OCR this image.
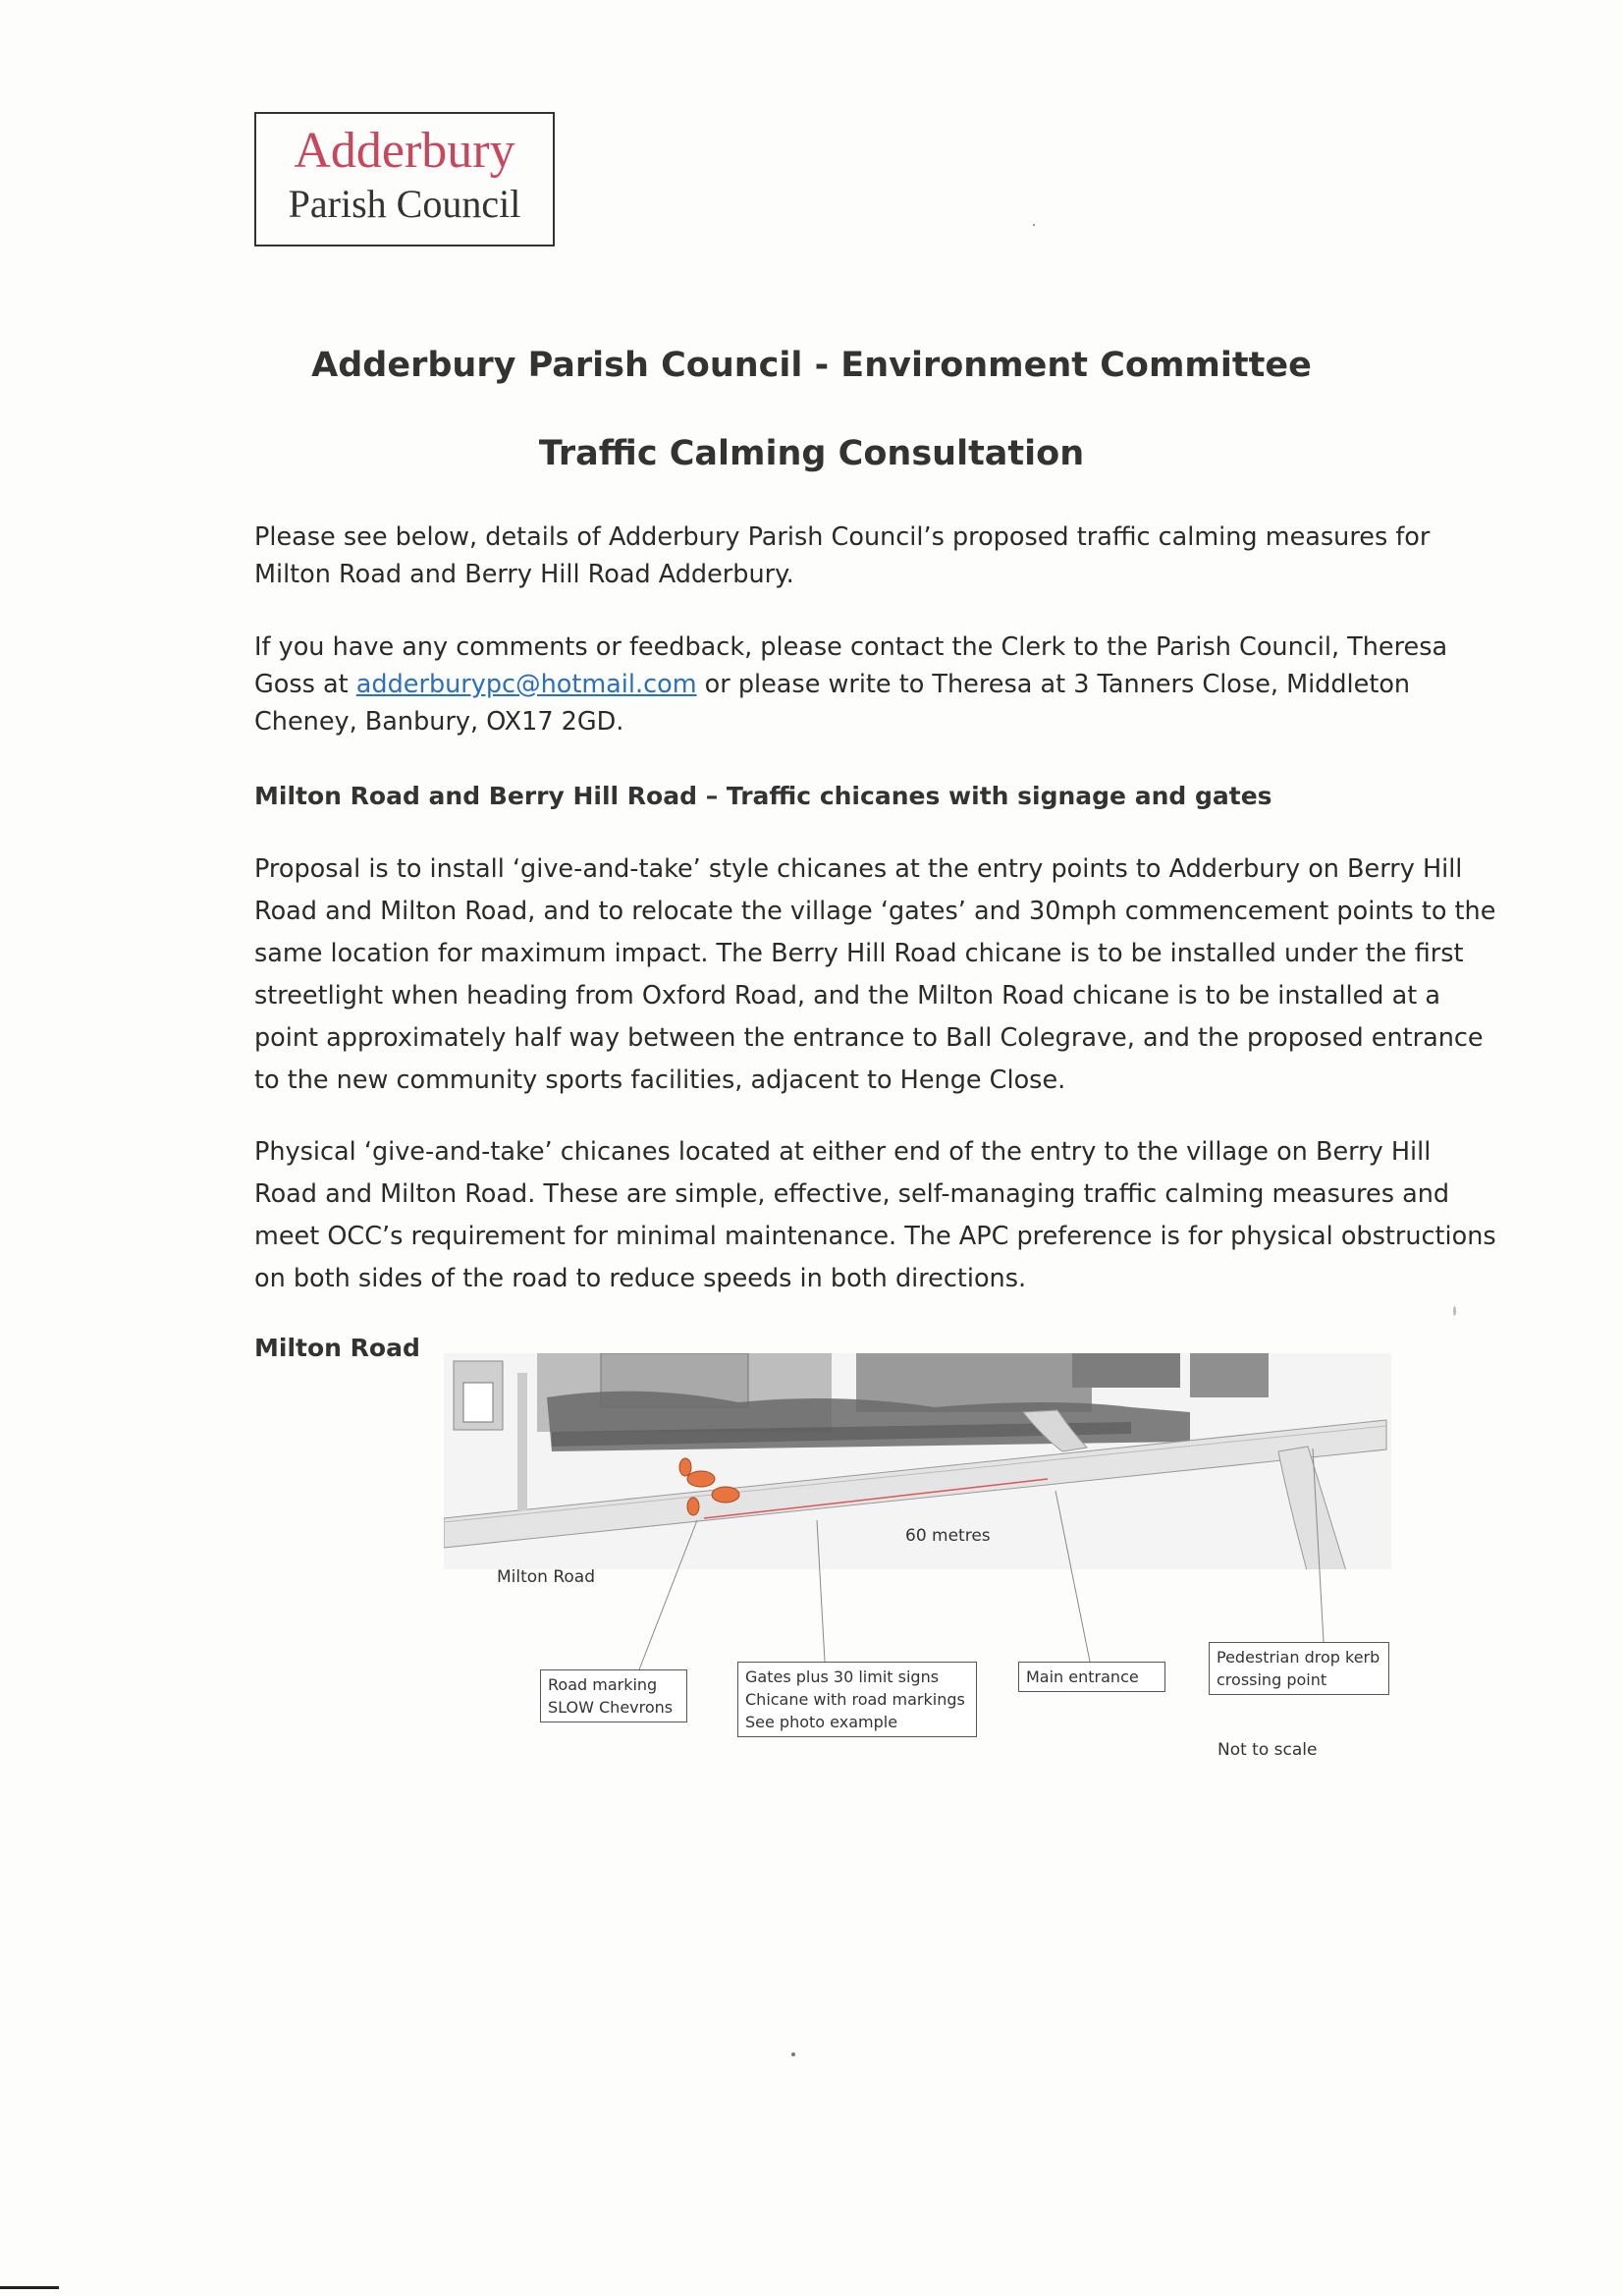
Adderbury
Parish Council
Adderbury Parish Council - Environment Committee
Traffic Calming Consultation
Please see below, details of Adderbury Parish Council’s proposed traffic calming measures for Milton Road and Berry Hill Road Adderbury.
If you have any comments or feedback, please contact the Clerk to the Parish Council, Theresa Goss at adderburypc@hotmail.com or please write to Theresa at 3 Tanners Close, Middleton Cheney, Banbury, OX17 2GD.
Milton Road and Berry Hill Road – Traffic chicanes with signage and gates
Proposal is to install ‘give-and-take’ style chicanes at the entry points to Adderbury on Berry Hill Road and Milton Road, and to relocate the village ‘gates’ and 30mph commencement points to the same location for maximum impact. The Berry Hill Road chicane is to be installed under the first streetlight when heading from Oxford Road, and the Milton Road chicane is to be installed at a point approximately half way between the entrance to Ball Colegrave, and the proposed entrance to the new community sports facilities, adjacent to Henge Close.
Physical ‘give-and-take’ chicanes located at either end of the entry to the village on Berry Hill Road and Milton Road. These are simple, effective, self-managing traffic calming measures and meet OCC’s requirement for minimal maintenance. The APC preference is for physical obstructions on both sides of the road to reduce speeds in both directions.
Milton Road
60 metres
Milton Road
Road marking
SLOW Chevrons
Gates plus 30 limit signs
Chicane with road markings
See photo example
Main entrance
Pedestrian drop kerb
crossing point
Not to scale
